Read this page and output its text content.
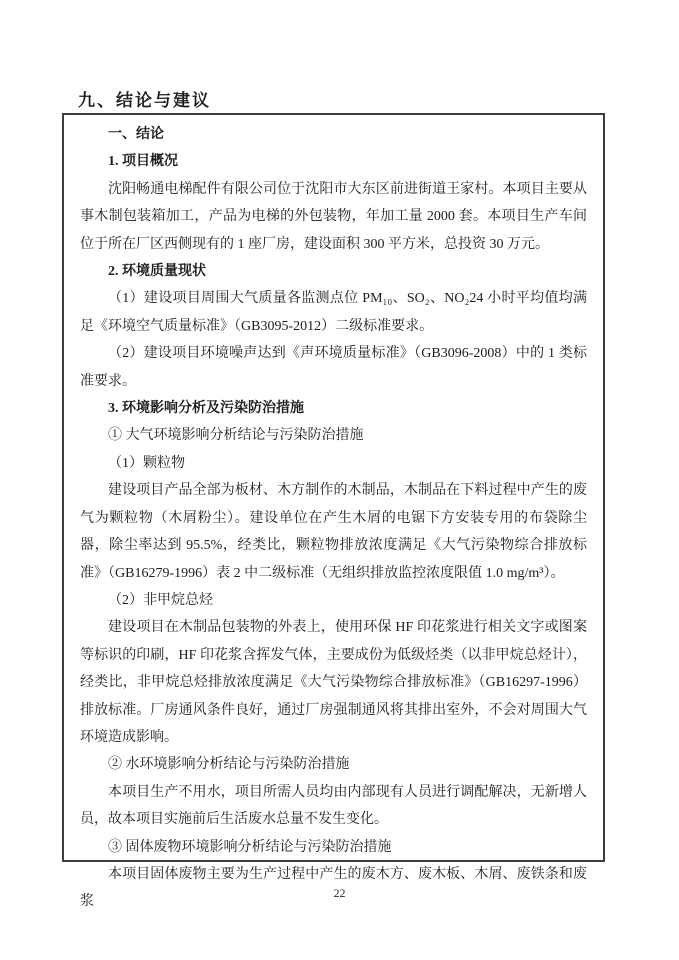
九、结论与建议
一、结论
1. 项目概况
沈阳畅通电梯配件有限公司位于沈阳市大东区前进街道王家村。本项目主要从事木制包装箱加工，产品为电梯的外包装物，年加工量 2000 套。本项目生产车间位于所在厂区西侧现有的 1 座厂房，建设面积 300 平方米，总投资 30 万元。
2. 环境质量现状
（1）建设项目周围大气质量各监测点位 PM₁₀、SO₂、NO₂24 小时平均值均满足《环境空气质量标准》（GB3095-2012）二级标准要求。
（2）建设项目环境噪声达到《声环境质量标准》（GB3096-2008）中的 1 类标准要求。
3. 环境影响分析及污染防治措施
① 大气环境影响分析结论与污染防治措施
（1）颗粒物
建设项目产品全部为板材、木方制作的木制品，木制品在下料过程中产生的废气为颗粒物（木屑粉尘）。建设单位在产生木屑的电锯下方安装专用的布袋除尘器，除尘率达到 95.5%，经类比，颗粒物排放浓度满足《大气污染物综合排放标准》（GB16279-1996）表 2 中二级标准（无组织排放监控浓度限值 1.0 mg/m³）。
（2）非甲烷总烃
建设项目在木制品包装物的外表上，使用环保 HF 印花浆进行相关文字或图案等标识的印刷，HF 印花浆含挥发气体，主要成份为低级烃类（以非甲烷总烃计），经类比，非甲烷总烃排放浓度满足《大气污染物综合排放标准》（GB16297-1996）排放标准。厂房通风条件良好，通过厂房强制通风将其排出室外，不会对周围大气环境造成影响。
② 水环境影响分析结论与污染防治措施
本项目生产不用水，项目所需人员均由内部现有人员进行调配解决，无新增人员，故本项目实施前后生活废水总量不发生变化。
③ 固体废物环境影响分析结论与污染防治措施
本项目固体废物主要为生产过程中产生的废木方、废木板、木屑、废铁条和废浆
22
